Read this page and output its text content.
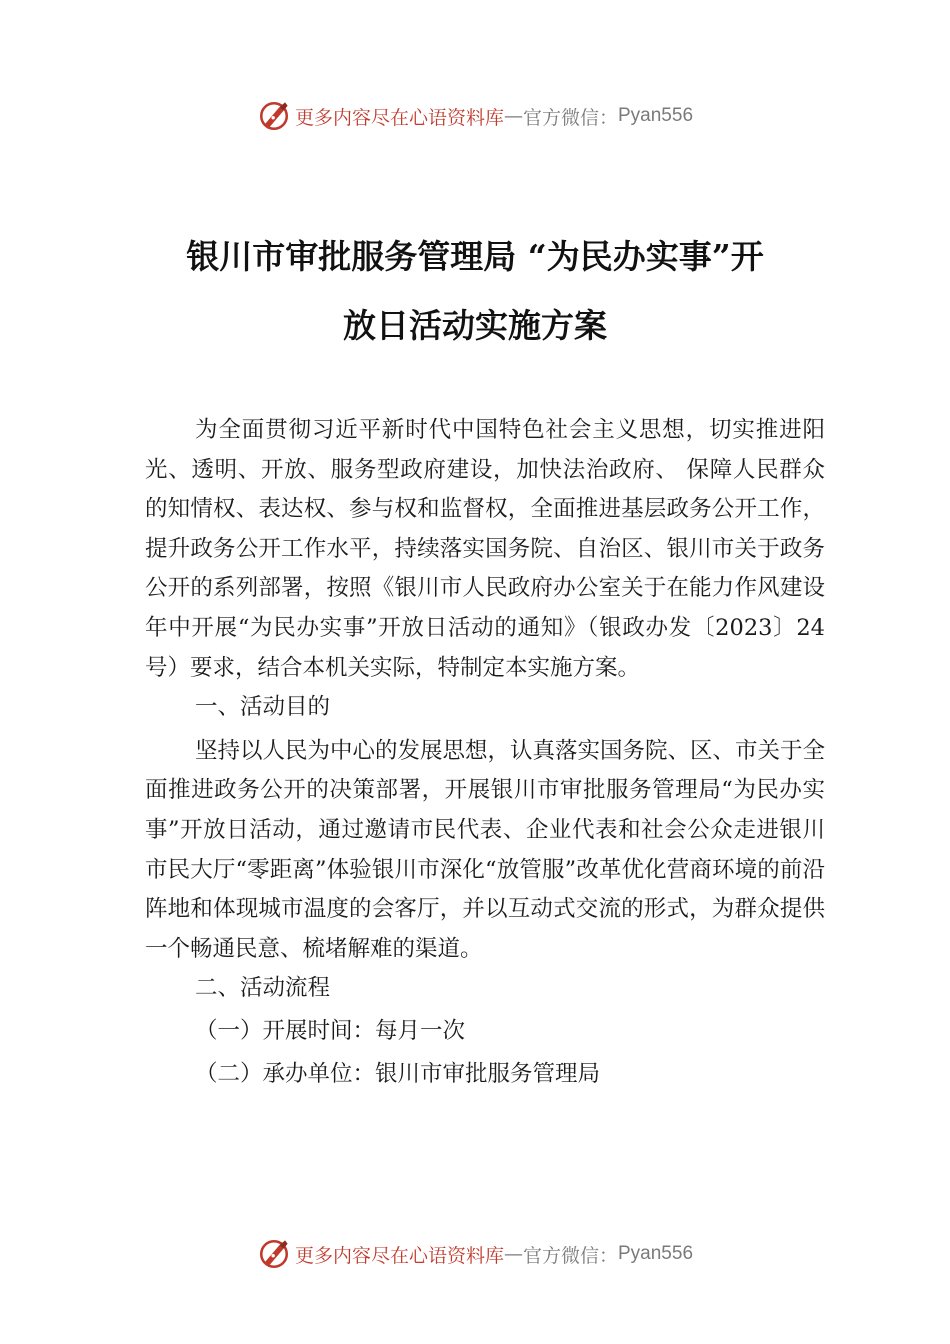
更多内容尽在心语资料库 — 官方微信： Pyan556
银川市审批服务管理局 “为民办实事”开
放日活动实施方案

为全面贯彻习近平新时代中国特色社会主义思想，切实推进阳光、透明、开放、服务型政府建设，加快法治政府、 保障人民群众的知情权、表达权、参与权和监督权，全面推进基层政务公开工作，提升政务公开工作水平，持续落实国务院、自治区、银川市关于政务公开的系列部署，按照《银川市人民政府办公室关于在能力作风建设年中开展“为民办实事”开放日活动的通知》（银政办发〔2023〕24 号）要求，结合本机关实际，特制定本实施方案。

一、活动目的

坚持以人民为中心的发展思想，认真落实国务院、区、市关于全面推进政务公开的决策部署，开展银川市审批服务管理局“为民办实事”开放日活动，通过邀请市民代表、企业代表和社会公众走进银川市民大厅“零距离”体验银川市深化“放管服”改革优化营商环境的前沿阵地和体现城市温度的会客厅，并以互动式交流的形式，为群众提供一个畅通民意、梳堵解难的渠道。

二、活动流程

（一）开展时间：每月一次

（二）承办单位：银川市审批服务管理局

更多内容尽在心语资料库 — 官方微信： Pyan556
